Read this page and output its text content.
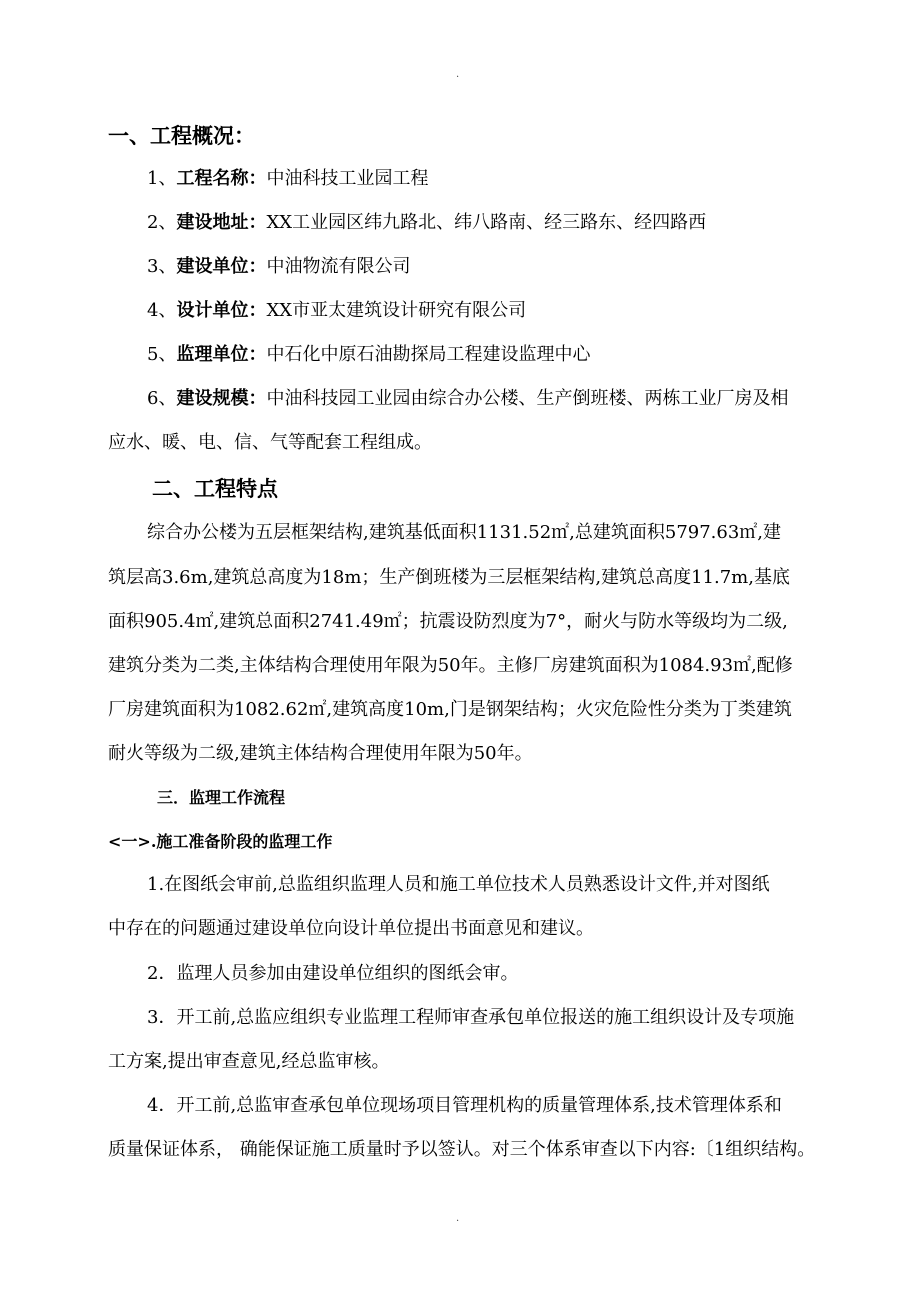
.
一、工程概况：
1、工程名称：中油科技工业园工程
2、建设地址：XX工业园区纬九路北、纬八路南、经三路东、经四路西
3、建设单位：中油物流有限公司
4、设计单位：XX市亚太建筑设计研究有限公司
5、监理单位：中石化中原石油勘探局工程建设监理中心
6、建设规模：中油科技园工业园由综合办公楼、生产倒班楼、两栋工业厂房及相
应水、暖、电、信、气等配套工程组成。
二、工程特点
综合办公楼为五层框架结构,建筑基低面积1131.52㎡,总建筑面积5797.63㎡,建
筑层高3.6m,建筑总高度为18m；生产倒班楼为三层框架结构,建筑总高度11.7m,基底
面积905.4㎡,建筑总面积2741.49㎡；抗震设防烈度为7°，耐火与防水等级均为二级,
建筑分类为二类,主体结构合理使用年限为50年。主修厂房建筑面积为1084.93㎡,配修
厂房建筑面积为1082.62㎡,建筑高度10m,门是钢架结构；火灾危险性分类为丁类建筑
耐火等级为二级,建筑主体结构合理使用年限为50年。
三．监理工作流程
<一>.施工准备阶段的监理工作
1.在图纸会审前,总监组织监理人员和施工单位技术人员熟悉设计文件,并对图纸
中存在的问题通过建设单位向设计单位提出书面意见和建议。
2．监理人员参加由建设单位组织的图纸会审。
3．开工前,总监应组织专业监理工程师审查承包单位报送的施工组织设计及专项施
工方案,提出审查意见,经总监审核。
4．开工前,总监审查承包单位现场项目管理机构的质量管理体系,技术管理体系和
质量保证体系， 确能保证施工质量时予以签认。对三个体系审查以下内容:〔1组织结构。
.
